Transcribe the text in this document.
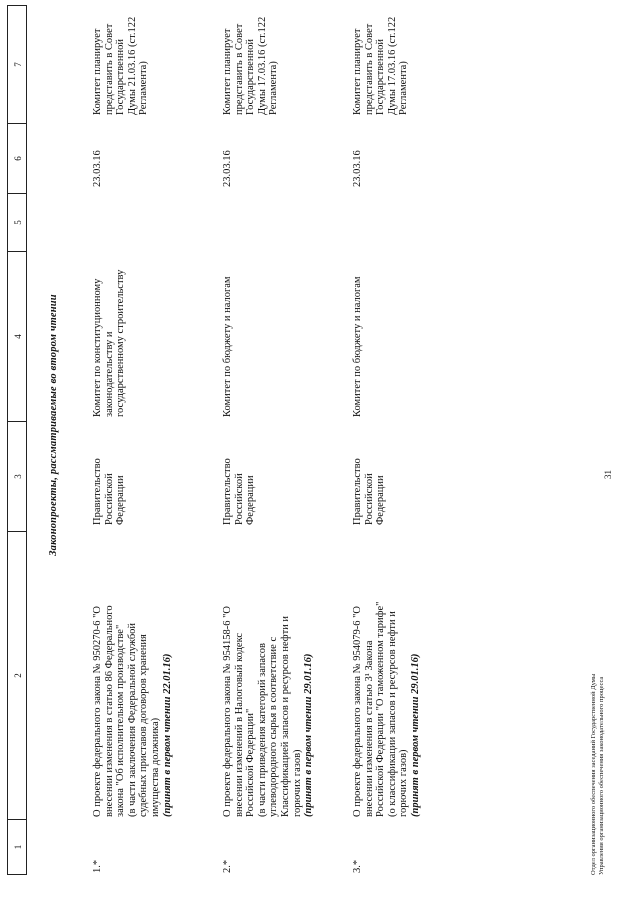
31
1
2
3
4
5
6
7
Законопроекты, рассматриваемые во втором чтении
1.*
О проекте федерального закона № 950270-6 "О внесении изменения в статью 86 Федерального закона "Об исполнительном производстве" (в части заключения Федеральной службой судебных приставов договоров хранения имущества должника) (принят в первом чтении 22.01.16)
Правительство Российской Федерации
Комитет по конституционному законодательству и государственному строительству
23.03.16
Комитет планирует представить в Совет Государственной Думы 21.03.16 (ст.122 Регламента)
2.*
О проекте федерального закона № 954158-6 "О внесении изменений в Налоговый кодекс Российской Федерации" (в части приведения категорий запасов углеводородного сырья в соответствие с Классификацией запасов и ресурсов нефти и горючих газов) (принят в первом чтении 29.01.16)
Правительство Российской Федерации
Комитет по бюджету и налогам
23.03.16
Комитет планирует представить в Совет Государственной Думы 17.03.16 (ст.122 Регламента)
3.*
О проекте федерального закона № 954079-6 "О внесении изменения в статью 3¹ Закона Российской Федерации "О таможенном тарифе" (о классификации запасов и ресурсов нефти и горючих газов) (принят в первом чтении 29.01.16)
Правительство Российской Федерации
Комитет по бюджету и налогам
23.03.16
Комитет планирует представить в Совет Государственной Думы 17.03.16 (ст.122 Регламента)
Отдел организационного обеспечения заседаний Государственной Думы Управления организационного обеспечения законодательного процесса
